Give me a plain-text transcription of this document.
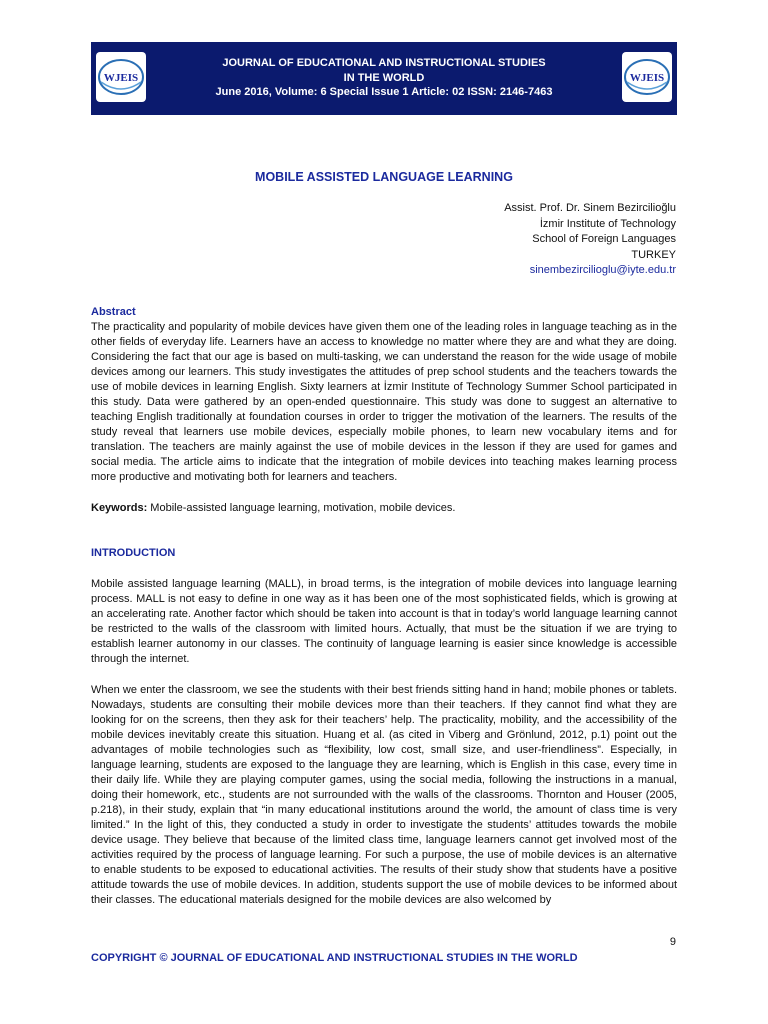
WJEIS
JOURNAL OF EDUCATIONAL AND INSTRUCTIONAL STUDIES
IN THE WORLD
June 2016, Volume: 6 Special Issue 1 Article: 02 ISSN: 2146-7463
WJEIS
MOBILE ASSISTED LANGUAGE LEARNING
Assist. Prof. Dr. Sinem Bezircilioğlu
İzmir Institute of Technology
School of Foreign Languages
TURKEY
sinembezircilioglu@iyte.edu.tr
Abstract

The practicality and popularity of mobile devices have given them one of the leading roles in language teaching as in the other fields of everyday life. Learners have an access to knowledge no matter where they are and what they are doing. Considering the fact that our age is based on multi-tasking, we can understand the reason for the wide usage of mobile devices among our learners. This study investigates the attitudes of prep school students and the teachers towards the use of mobile devices in learning English. Sixty learners at İzmir Institute of Technology Summer School participated in this study. Data were gathered by an open-ended questionnaire. This study was done to suggest an alternative to teaching English traditionally at foundation courses in order to trigger the motivation of the learners. The results of the study reveal that learners use mobile devices, especially mobile phones, to learn new vocabulary items and for translation. The teachers are mainly against the use of mobile devices in the lesson if they are used for games and social media. The article aims to indicate that the integration of mobile devices into teaching makes learning process more productive and motivating both for learners and teachers.

Keywords: Mobile-assisted language learning, motivation, mobile devices.

INTRODUCTION

Mobile assisted language learning (MALL), in broad terms, is the integration of mobile devices into language learning process. MALL is not easy to define in one way as it has been one of the most sophisticated fields, which is growing at an accelerating rate. Another factor which should be taken into account is that in today’s world language learning cannot be restricted to the walls of the classroom with limited hours. Actually, that must be the situation if we are trying to establish learner autonomy in our classes. The continuity of language learning is easier since knowledge is accessible through the internet.

When we enter the classroom, we see the students with their best friends sitting hand in hand; mobile phones or tablets. Nowadays, students are consulting their mobile devices more than their teachers. If they cannot find what they are looking for on the screens, then they ask for their teachers’ help. The practicality, mobility, and the accessibility of the mobile devices inevitably create this situation. Huang et al. (as cited in Viberg and Grönlund, 2012, p.1) point out the advantages of mobile technologies such as “flexibility, low cost, small size, and user-friendliness”. Especially, in language learning, students are exposed to the language they are learning, which is English in this case, every time in their daily life. While they are playing computer games, using the social media, following the instructions in a manual, doing their homework, etc., students are not surrounded with the walls of the classrooms. Thornton and Houser (2005, p.218), in their study, explain that “in many educational institutions around the world, the amount of class time is very limited.” In the light of this, they conducted a study in order to investigate the students’ attitudes towards the mobile device usage. They believe that because of the limited class time, language learners cannot get involved most of the activities required by the process of language learning. For such a purpose, the use of mobile devices is an alternative to enable students to be exposed to educational activities. The results of their study show that students have a positive attitude towards the use of mobile devices. In addition, students support the use of mobile devices to be informed about their classes. The educational materials designed for the mobile devices are also welcomed by

9
COPYRIGHT © JOURNAL OF EDUCATIONAL AND INSTRUCTIONAL STUDIES IN THE WORLD
